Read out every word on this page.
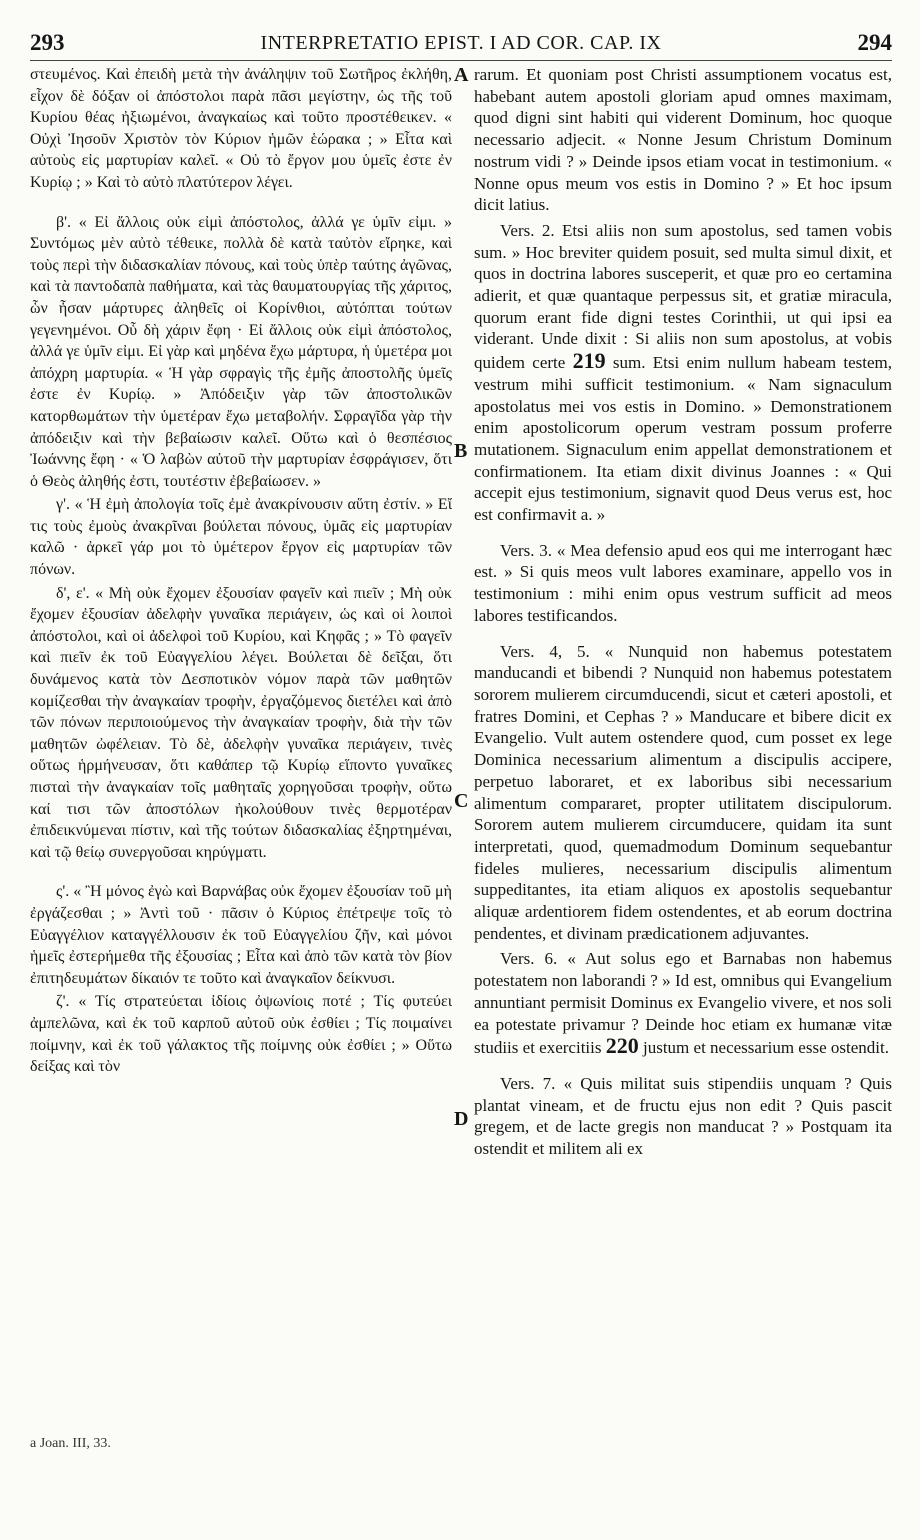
293	INTERPRETATIO EPIST. I AD COR. CAP. IX	294

στευμένος. Καὶ ἐπειδὴ μετὰ τὴν ἀνάληψιν τοῦ Σωτῆρος ἐκλήθη, εἶχον δὲ δόξαν οἱ ἀπόστολοι παρὰ πᾶσι μεγίστην, ὡς τῆς τοῦ Κυρίου θέας ἠξιωμένοι, ἀναγκαίως καὶ τοῦτο προστέθεικεν. « Οὐχὶ Ἰησοῦν Χριστὸν τὸν Κύριον ἡμῶν ἑώρακα ; » Εἶτα καὶ αὐτοὺς εἰς μαρτυρίαν καλεῖ. « Οὐ τὸ ἔργον μου ὑμεῖς ἐστε ἐν Κυρίῳ ; » Καὶ τὸ αὐτὸ πλατύτερον λέγει.

β'. « Εἰ ἄλλοις οὐκ εἰμὶ ἀπόστολος, ἀλλά γε ὑμῖν εἰμι. » Συντόμως μὲν αὐτὸ τέθεικε, πολλὰ δὲ κατὰ ταὐτὸν εἴρηκε, καὶ τοὺς περὶ τὴν διδασκαλίαν πόνους, καὶ τοὺς ὑπὲρ ταύτης ἀγῶνας, καὶ τὰ παντοδαπὰ παθήματα, καὶ τὰς θαυματουργίας τῆς χάριτος, ὧν ἦσαν μάρτυρες ἀληθεῖς οἱ Κορίνθιοι, αὐτόπται τούτων γεγενημένοι. Οὗ δὴ χάριν ἔφη · Εἰ ἄλλοις οὐκ εἰμὶ ἀπόστολος, ἀλλά γε ὑμῖν εἰμι. Εἰ γὰρ καὶ μηδένα ἔχω μάρτυρα, ἡ ὑμετέρα μοι ἀπόχρη μαρτυρία. « Ἡ γὰρ σφραγὶς τῆς ἐμῆς ἀποστολῆς ὑμεῖς ἐστε ἐν Κυρίῳ. » Ἀπόδειξιν γὰρ τῶν ἀποστολικῶν κατορθωμάτων τὴν ὑμετέραν ἔχω μεταβολήν. Σφραγῖδα γὰρ τὴν ἀπόδειξιν καὶ τὴν βεβαίωσιν καλεῖ. Οὕτω καὶ ὁ θεσπέσιος Ἰωάννης ἔφη · « Ὁ λαβὼν αὐτοῦ τὴν μαρτυρίαν ἐσφράγισεν, ὅτι ὁ Θεὸς ἀληθής ἐστι, τουτέστιν ἐβεβαίωσεν. »

γ'. « Ἡ ἐμὴ ἀπολογία τοῖς ἐμὲ ἀνακρίνουσιν αὕτη ἐστίν. » Εἴ τις τοὺς ἐμοὺς ἀνακρῖναι βούλεται πόνους, ὑμᾶς εἰς μαρτυρίαν καλῶ · ἀρκεῖ γάρ μοι τὸ ὑμέτερον ἔργον εἰς μαρτυρίαν τῶν πόνων.

δ', ε'. « Μὴ οὐκ ἔχομεν ἐξουσίαν φαγεῖν καὶ πιεῖν ; Μὴ οὐκ ἔχομεν ἐξουσίαν ἀδελφὴν γυναῖκα περιάγειν, ὡς καὶ οἱ λοιποὶ ἀπόστολοι, καὶ οἱ ἀδελφοὶ τοῦ Κυρίου, καὶ Κηφᾶς ; » Τὸ φαγεῖν καὶ πιεῖν ἐκ τοῦ Εὐαγγελίου λέγει. Βούλεται δὲ δεῖξαι, ὅτι δυνάμενος κατὰ τὸν Δεσποτικὸν νόμον παρὰ τῶν μαθητῶν κομίζεσθαι τὴν ἀναγκαίαν τροφὴν, ἐργαζόμενος διετέλει καὶ ἀπὸ τῶν πόνων περιποιούμενος τὴν ἀναγκαίαν τροφὴν, διὰ τὴν τῶν μαθητῶν ὠφέλειαν. Τὸ δὲ, ἀδελφὴν γυναῖκα περιάγειν, τινὲς οὕτως ἡρμήνευσαν, ὅτι καθάπερ τῷ Κυρίῳ εἵποντο γυναῖκες πισταὶ τὴν ἀναγκαίαν τοῖς μαθηταῖς χορηγοῦσαι τροφὴν, οὕτω καί τισι τῶν ἀποστόλων ἠκολούθουν τινὲς θερμοτέραν ἐπιδεικνύμεναι πίστιν, καὶ τῆς τούτων διδασκαλίας ἐξηρτημέναι, καὶ τῷ θείῳ συνεργοῦσαι κηρύγματι.

ς'. « Ἢ μόνος ἐγὼ καὶ Βαρνάβας οὐκ ἔχομεν ἐξουσίαν τοῦ μὴ ἐργάζεσθαι ; » Ἀντὶ τοῦ · πᾶσιν ὁ Κύριος ἐπέτρεψε τοῖς τὸ Εὐαγγέλιον καταγγέλλουσιν ἐκ τοῦ Εὐαγγελίου ζῆν, καὶ μόνοι ἡμεῖς ἐστερήμεθα τῆς ἐξουσίας ; Εἶτα καὶ ἀπὸ τῶν κατὰ τὸν βίον ἐπιτηδευμάτων δίκαιόν τε τοῦτο καὶ ἀναγκαῖον δείκνυσι.

ζ'. « Τίς στρατεύεται ἰδίοις ὀψωνίοις ποτέ ; Τίς φυτεύει ἀμπελῶνα, καὶ ἐκ τοῦ καρποῦ αὐτοῦ οὐκ ἐσθίει ; Τίς ποιμαίνει ποίμνην, καὶ ἐκ τοῦ γάλακτος τῆς ποίμνης οὐκ ἐσθίει ; » Οὕτω δείξας καὶ τὸν

A
B
C
D

rarum. Et quoniam post Christi assumptionem vocatus est, habebant autem apostoli gloriam apud omnes maximam, quod digni sint habiti qui viderent Dominum, hoc quoque necessario adjecit. « Nonne Jesum Christum Dominum nostrum vidi ? » Deinde ipsos etiam vocat in testimonium. « Nonne opus meum vos estis in Domino ? » Et hoc ipsum dicit latius.

Vers. 2. Etsi aliis non sum apostolus, sed tamen vobis sum. » Hoc breviter quidem posuit, sed multa simul dixit, et quos in doctrina labores susceperit, et quæ pro eo certamina adierit, et quæ quantaque perpessus sit, et gratiæ miracula, quorum erant fide digni testes Corinthii, ut qui ipsi ea viderant. Unde dixit : Si aliis non sum apostolus, at vobis quidem certe 219 sum. Etsi enim nullum habeam testem, vestrum mihi sufficit testimonium. « Nam signaculum apostolatus mei vos estis in Domino. » Demonstrationem enim apostolicorum operum vestram possum proferre mutationem. Signaculum enim appellat demonstrationem et confirmationem. Ita etiam dixit divinus Joannes : « Qui accepit ejus testimonium, signavit quod Deus verus est, hoc est confirmavit a. »

Vers. 3. « Mea defensio apud eos qui me interrogant hæc est. » Si quis meos vult labores examinare, appello vos in testimonium : mihi enim opus vestrum sufficit ad meos labores testificandos.

Vers. 4, 5. « Nunquid non habemus potestatem manducandi et bibendi ? Nunquid non habemus potestatem sororem mulierem circumducendi, sicut et cæteri apostoli, et fratres Domini, et Cephas ? » Manducare et bibere dicit ex Evangelio. Vult autem ostendere quod, cum posset ex lege Dominica necessarium alimentum a discipulis accipere, perpetuo laboraret, et ex laboribus sibi necessarium alimentum compararet, propter utilitatem discipulorum. Sororem autem mulierem circumducere, quidam ita sunt interpretati, quod, quemadmodum Dominum sequebantur fideles mulieres, necessarium discipulis alimentum suppeditantes, ita etiam aliquos ex apostolis sequebantur aliquæ ardentiorem fidem ostendentes, et ab eorum doctrina pendentes, et divinam prædicationem adjuvantes.

Vers. 6. « Aut solus ego et Barnabas non habemus potestatem non laborandi ? » Id est, omnibus qui Evangelium annuntiant permisit Dominus ex Evangelio vivere, et nos soli ea potestate privamur ? Deinde hoc etiam ex humanæ vitæ studiis et exercitiis 220 justum et necessarium esse ostendit.

Vers. 7. « Quis militat suis stipendiis unquam ? Quis plantat vineam, et de fructu ejus non edit ? Quis pascit gregem, et de lacte gregis non manducat ? » Postquam ita ostendit et militem ali ex

a Joan. III, 33.
